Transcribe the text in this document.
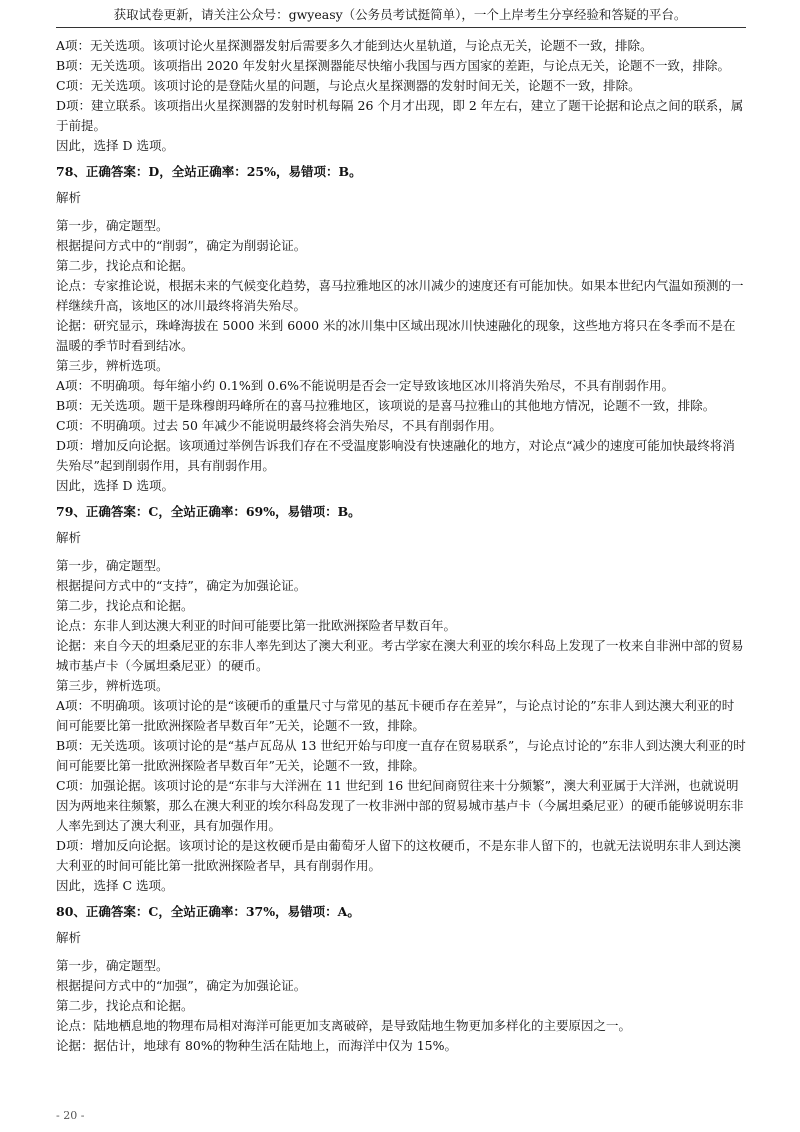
获取试卷更新，请关注公众号：gwyeasy（公务员考试挺简单），一个上岸考生分享经验和答疑的平台。

A项：无关选项。该项讨论火星探测器发射后需要多久才能到达火星轨道，与论点无关，论题不一致，排除。

B项：无关选项。该项指出 2020 年发射火星探测器能尽快缩小我国与西方国家的差距，与论点无关，论题不一致，排除。

C项：无关选项。该项讨论的是登陆火星的问题，与论点火星探测器的发射时间无关，论题不一致，排除。

D项：建立联系。该项指出火星探测器的发射时机每隔 26 个月才出现，即 2 年左右，建立了题干论据和论点之间的联系，属于前提。

因此，选择 D 选项。

78、正确答案：D，全站正确率：25%，易错项：B。

解析

第一步，确定题型。

根据提问方式中的“削弱”，确定为削弱论证。

第二步，找论点和论据。

论点：专家推论说，根据未来的气候变化趋势，喜马拉雅地区的冰川减少的速度还有可能加快。如果本世纪内气温如预测的一样继续升高，该地区的冰川最终将消失殆尽。

论据：研究显示，珠峰海拔在 5000 米到 6000 米的冰川集中区域出现冰川快速融化的现象，这些地方将只在冬季而不是在温暖的季节时看到结冰。

第三步，辨析选项。

A项：不明确项。每年缩小约 0.1%到 0.6%不能说明是否会一定导致该地区冰川将消失殆尽，不具有削弱作用。

B项：无关选项。题干是珠穆朗玛峰所在的喜马拉雅地区，该项说的是喜马拉雅山的其他地方情况，论题不一致，排除。

C项：不明确项。过去 50 年减少不能说明最终将会消失殆尽，不具有削弱作用。

D项：增加反向论据。该项通过举例告诉我们存在不受温度影响没有快速融化的地方，对论点“减少的速度可能加快最终将消失殆尽”起到削弱作用，具有削弱作用。

因此，选择 D 选项。

79、正确答案：C，全站正确率：69%，易错项：B。

解析

第一步，确定题型。

根据提问方式中的“支持”，确定为加强论证。

第二步，找论点和论据。

论点：东非人到达澳大利亚的时间可能要比第一批欧洲探险者早数百年。

论据：来自今天的坦桑尼亚的东非人率先到达了澳大利亚。考古学家在澳大利亚的埃尔科岛上发现了一枚来自非洲中部的贸易城市基卢卡（今属坦桑尼亚）的硬币。

第三步，辨析选项。

A项：不明确项。该项讨论的是“该硬币的重量尺寸与常见的基瓦卡硬币存在差异”，与论点讨论的”东非人到达澳大利亚的时间可能要比第一批欧洲探险者早数百年”无关，论题不一致，排除。

B项：无关选项。该项讨论的是“基卢瓦岛从 13 世纪开始与印度一直存在贸易联系”，与论点讨论的”东非人到达澳大利亚的时间可能要比第一批欧洲探险者早数百年”无关，论题不一致，排除。

C项：加强论据。该项讨论的是“东非与大洋洲在 11 世纪到 16 世纪间商贸往来十分频繁”，澳大利亚属于大洋洲，也就说明因为两地来往频繁，那么在澳大利亚的埃尔科岛发现了一枚非洲中部的贸易城市基卢卡（今属坦桑尼亚）的硬币能够说明东非人率先到达了澳大利亚，具有加强作用。

D项：增加反向论据。该项讨论的是这枚硬币是由葡萄牙人留下的这枚硬币，不是东非人留下的，也就无法说明东非人到达澳大利亚的时间可能比第一批欧洲探险者早，具有削弱作用。

因此，选择 C 选项。

80、正确答案：C，全站正确率：37%，易错项：A。

解析

第一步，确定题型。

根据提问方式中的“加强”，确定为加强论证。

第二步，找论点和论据。

论点：陆地栖息地的物理布局相对海洋可能更加支离破碎，是导致陆地生物更加多样化的主要原因之一。

论据：据估计，地球有 80%的物种生活在陆地上，而海洋中仅为 15%。

- 20 -
